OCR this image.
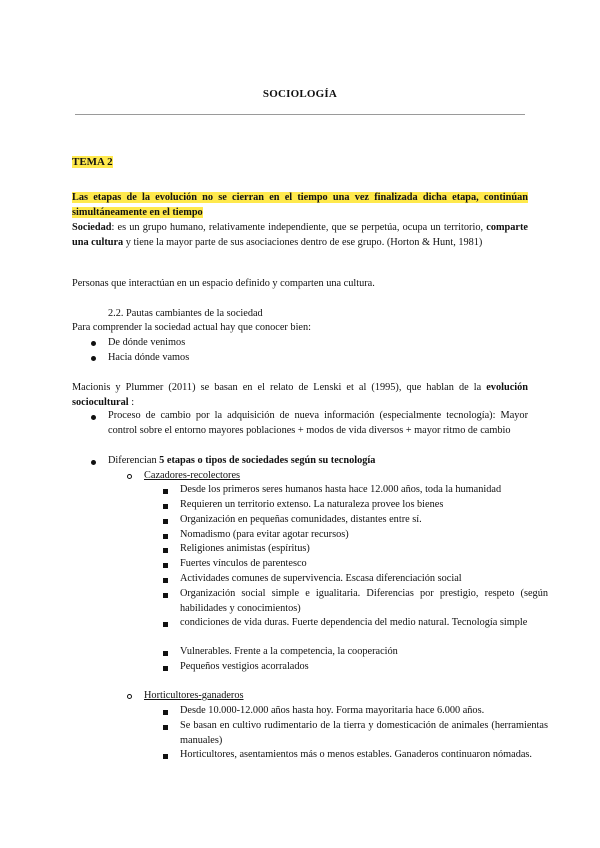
SOCIOLOGÍA
TEMA 2
Las etapas de la evolución no se cierran en el tiempo una vez finalizada dicha etapa, continúan simultáneamente en el tiempo
Sociedad: es un grupo humano, relativamente independiente, que se perpetúa, ocupa un territorio, comparte una cultura y tiene la mayor parte de sus asociaciones dentro de ese grupo. (Horton & Hunt, 1981)
Personas que interactúan en un espacio definido y comparten una cultura.
2.2. Pautas cambiantes de la sociedad
Para comprender la sociedad actual hay que conocer bien:
De dónde venimos
Hacia dónde vamos
Macionis y Plummer (2011) se basan en el relato de Lenski et al (1995), que hablan de la evolución sociocultural :
Proceso de cambio por la adquisición de nueva información (especialmente tecnología): Mayor control sobre el entorno mayores poblaciones + modos de vida diversos + mayor ritmo de cambio
Diferencian 5 etapas o tipos de sociedades según su tecnología
Cazadores-recolectores
Desde los primeros seres humanos hasta hace 12.000 años, toda la humanidad
Requieren un territorio extenso. La naturaleza provee los bienes
Organización en pequeñas comunidades, distantes entre sí.
Nomadismo (para evitar agotar recursos)
Religiones animistas (espíritus)
Fuertes vínculos de parentesco
Actividades comunes de supervivencia. Escasa diferenciación social
Organización social simple e igualitaria. Diferencias por prestigio, respeto (según habilidades y conocimientos)
condiciones de vida duras. Fuerte dependencia del medio natural. Tecnología simple
Vulnerables. Frente a la competencia, la cooperación
Pequeños vestigios acorralados
Horticultores-ganaderos
Desde 10.000-12.000 años hasta hoy. Forma mayoritaria hace 6.000 años.
Se basan en cultivo rudimentario de la tierra y domesticación de animales (herramientas manuales)
Horticultores, asentamientos más o menos estables. Ganaderos continuaron nómadas.
